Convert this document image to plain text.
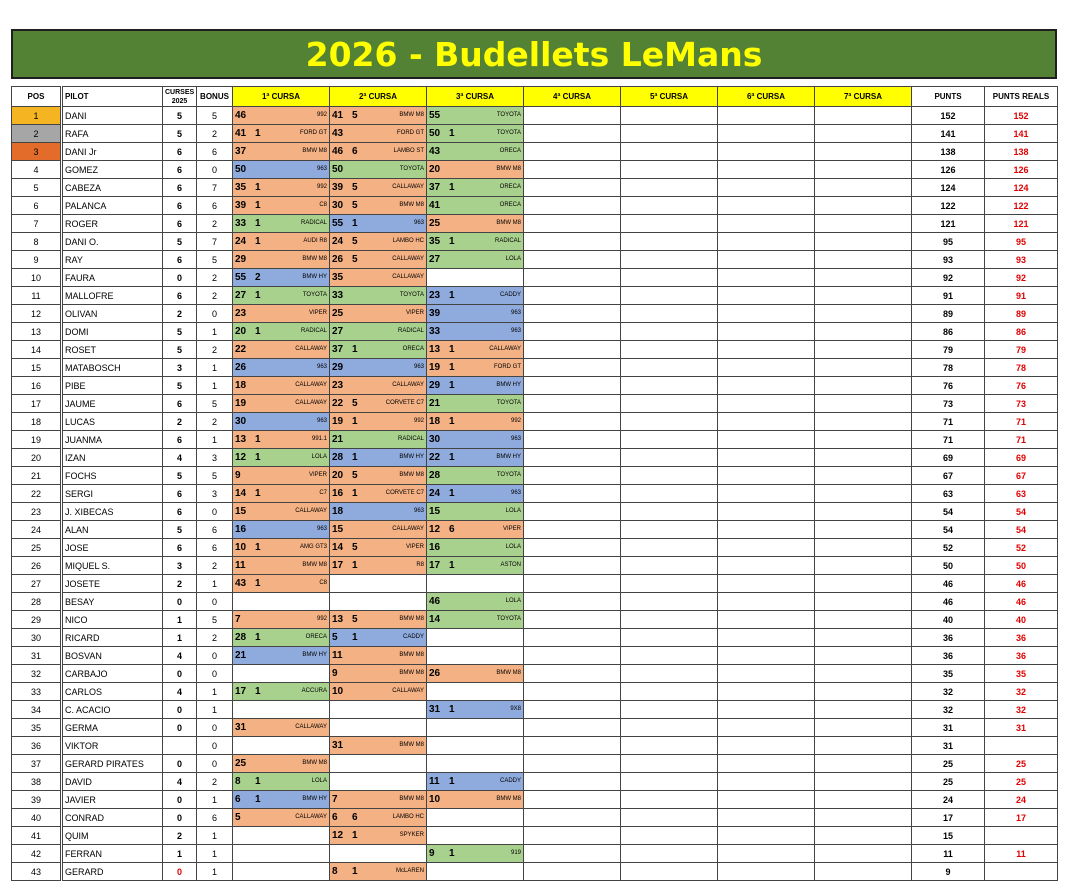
2026 - Budellets LeMans
POS	PILOT	CURSES 2025	BONUS	1ª CURSA	2ª CURSA	3ª CURSA	4ª CURSA	5ª CURSA	6ª CURSA	7ª CURSA	PUNTS	PUNTS REALS
1	DANI	5	5	46 992	41 5 BMW M8	55 TOYOTA					152	152
2	RAFA	5	2	41 1 FORD GT	43 FORD GT	50 1 TOYOTA					141	141
3	DANI Jr	6	6	37 BMW M8	46 6 LAMBO ST	43 ORECA					138	138
4	GOMEZ	6	0	50 963	50 TOYOTA	20 BMW M8					126	126
5	CABEZA	6	7	35 1 992	39 5 CALLAWAY	37 1 ORECA					124	124
6	PALANCA	6	6	39 1 C8	30 5 BMW M8	41 ORECA					122	122
7	ROGER	6	2	33 1 RADICAL	55 1 963	25 BMW M8					121	121
8	DANI O.	5	7	24 1 AUDI R8	24 5 LAMBO HC	35 1 RADICAL					95	95
9	RAY	6	5	29 BMW M8	26 5 CALLAWAY	27 LOLA					93	93
10	FAURA	0	2	55 2 BMW HY	35 CALLAWAY						92	92
11	MALLOFRE	6	2	27 1 TOYOTA	33 TOYOTA	23 1 CADDY					91	91
12	OLIVAN	2	0	23 VIPER	25 VIPER	39 963					89	89
13	DOMI	5	1	20 1 RADICAL	27 RADICAL	33 963					86	86
14	ROSET	5	2	22 CALLAWAY	37 1 ORECA	13 1 CALLAWAY					79	79
15	MATABOSCH	3	1	26 963	29 963	19 1 FORD GT					78	78
16	PIBE	5	1	18 CALLAWAY	23 CALLAWAY	29 1 BMW HY					76	76
17	JAUME	6	5	19 CALLAWAY	22 5 CORVETE C7	21 TOYOTA					73	73
18	LUCAS	2	2	30 963	19 1 992	18 1 992					71	71
19	JUANMA	6	1	13 1 991.1	21 RADICAL	30 963					71	71
20	IZAN	4	3	12 1 LOLA	28 1 BMW HY	22 1 BMW HY					69	69
21	FOCHS	5	5	9 VIPER	20 5 BMW M8	28 TOYOTA					67	67
22	SERGI	6	3	14 1 C7	16 1 CORVETE C7	24 1 963					63	63
23	J. XIBECAS	6	0	15 CALLAWAY	18 963	15 LOLA					54	54
24	ALAN	5	6	16 963	15 CALLAWAY	12 6 VIPER					54	54
25	JOSE	6	6	10 1 AMG GT3	14 5 VIPER	16 LOLA					52	52
26	MIQUEL S.	3	2	11 BMW M8	17 1 R8	17 1 ASTON					50	50
27	JOSETE	2	1	43 1 C8							46	46
28	BESAY	0	0			46 LOLA					46	46
29	NICO	1	5	7 992	13 5 BMW M8	14 TOYOTA					40	40
30	RICARD	1	2	28 1 ORECA	5 1 CADDY						36	36
31	BOSVAN	4	0	21 BMW HY	11 BMW M8						36	36
32	CARBAJO	0	0		9 BMW M8	26 BMW M8					35	35
33	CARLOS	4	1	17 1 ACCURA	10 CALLAWAY						32	32
34	C. ACACIO	0	1			31 1 9X8					32	32
35	GERMA	0	0	31 CALLAWAY							31	31
36	VIKTOR		0		31 BMW M8						31	
37	GERARD PIRATES	0	0	25 BMW M8							25	25
38	DAVID	4	2	8 1 LOLA		11 1 CADDY					25	25
39	JAVIER	0	1	6 1 BMW HY	7 BMW M8	10 BMW M8					24	24
40	CONRAD	0	6	5 CALLAWAY	6 6 LAMBO HC						17	17
41	QUIM	2	1		12 1 SPYKER						15	
42	FERRAN	1	1			9 1 919					11	11
43	GERARD	0	1		8 1 McLAREN						9	
